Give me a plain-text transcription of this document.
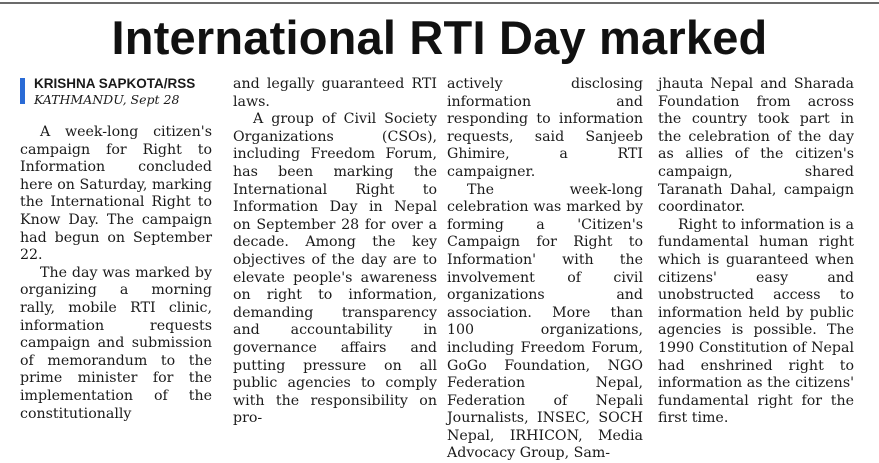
International RTI Day marked
KRISHNA SAPKOTA/RSS
KATHMANDU, Sept 28

A week-long citizen's campaign for Right to Information concluded here on Saturday, marking the International Right to Know Day. The campaign had begun on September 22.

The day was marked by organizing a morning rally, mobile RTI clinic, information requests campaign and submission of memorandum to the prime minister for the implementation of the constitutionally

and legally guaranteed RTI laws.

A group of Civil Society Organizations (CSOs), including Freedom Forum, has been marking the International Right to Information Day in Nepal on September 28 for over a decade. Among the key objectives of the day are to elevate people's awareness on right to information, demanding transparency and accountability in governance affairs and putting pressure on all public agencies to comply with the responsibility on pro-

actively disclosing information and responding to information requests, said Sanjeeb Ghimire, a RTI campaigner.

The week-long celebration was marked by forming a 'Citizen's Campaign for Right to Information' with the involvement of civil organizations and association. More than 100 organizations, including Freedom Forum, GoGo Foundation, NGO Federation Nepal, Federation of Nepali Journalists, INSEC, SOCH Nepal, IRHICON, Media Advocacy Group, Sam-

jhauta Nepal and Sharada Foundation from across the country took part in the celebration of the day as allies of the citizen's campaign, shared Taranath Dahal, campaign coordinator.

Right to information is a fundamental human right which is guaranteed when citizens' easy and unobstructed access to information held by public agencies is possible. The 1990 Constitution of Nepal had enshrined right to information as the citizens' fundamental right for the first time.
